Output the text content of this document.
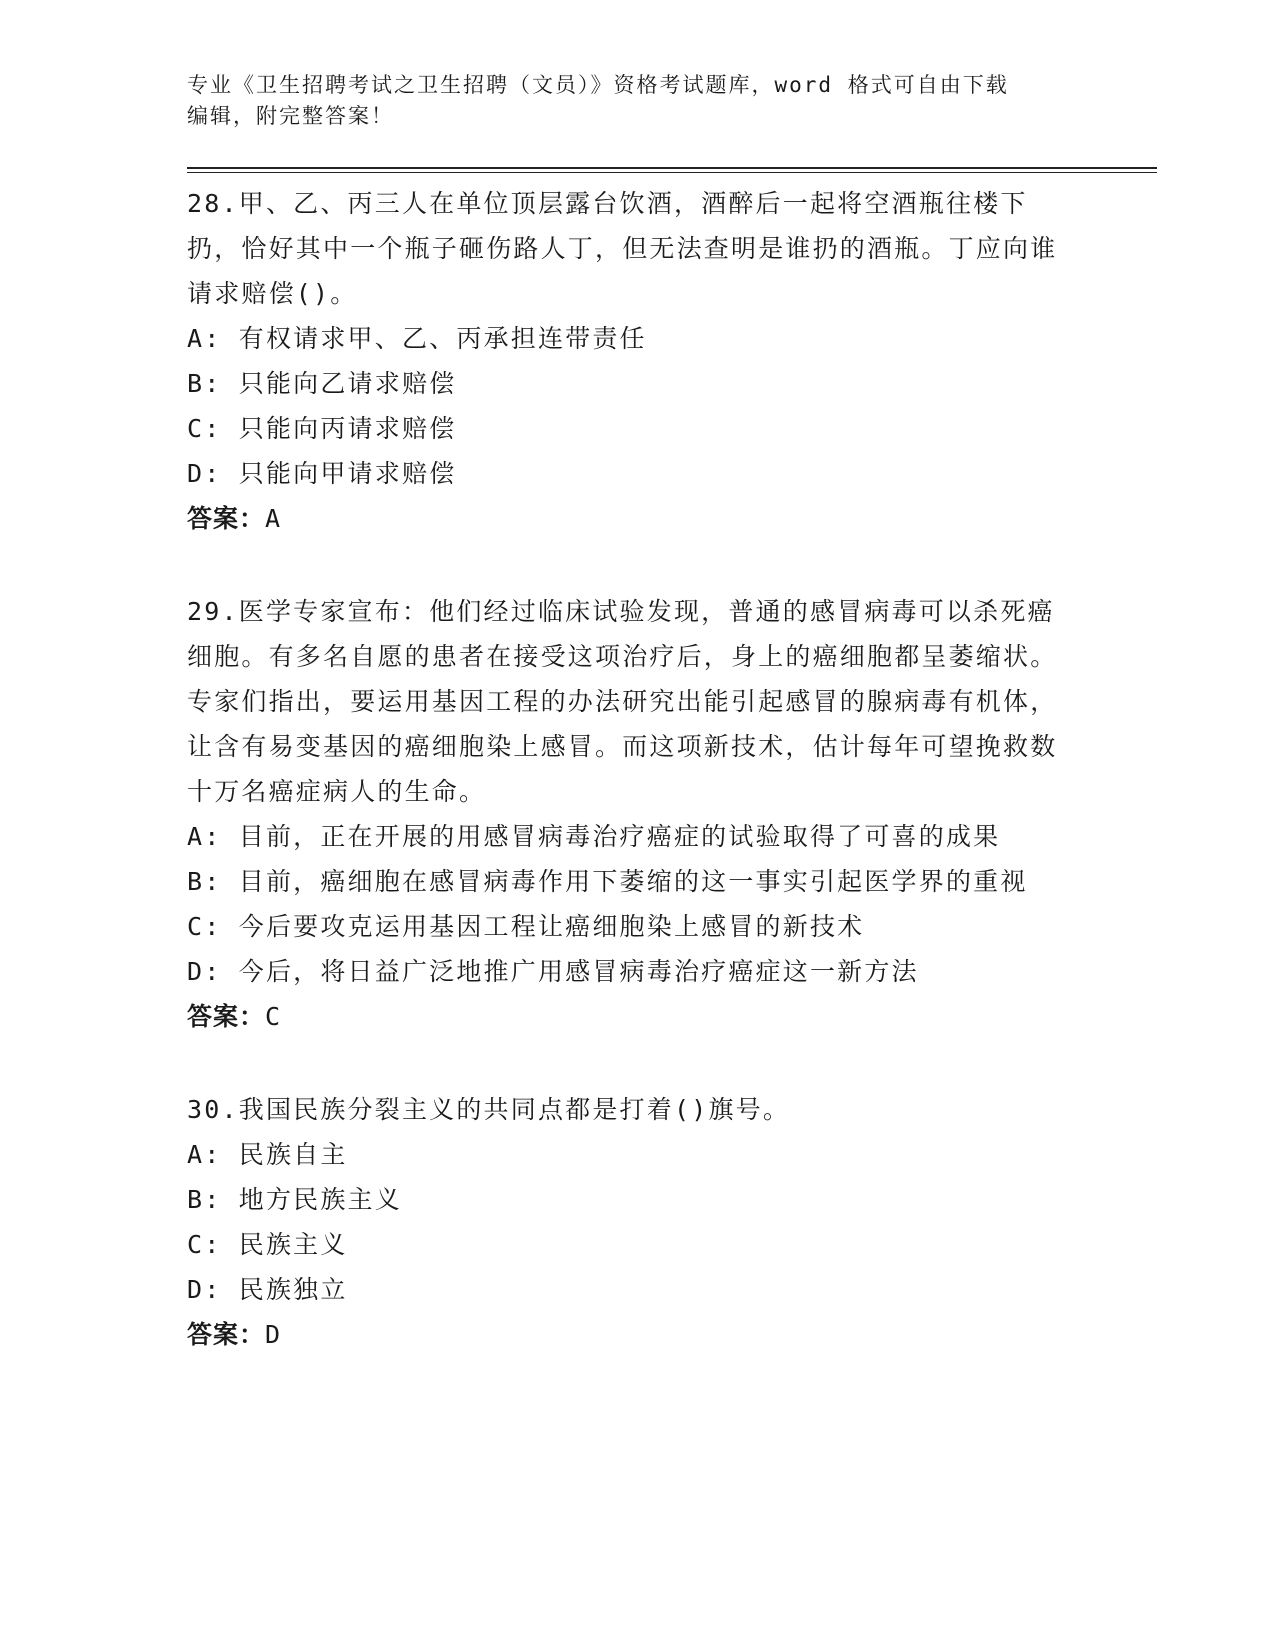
专业《卫生招聘考试之卫生招聘（文员）》资格考试题库，word 格式可自由下载
编辑，附完整答案！
28.甲、乙、丙三人在单位顶层露台饮酒，酒醉后一起将空酒瓶往楼下扔，恰好其中一个瓶子砸伤路人丁，但无法查明是谁扔的酒瓶。丁应向谁请求赔偿()。
A: 有权请求甲、乙、丙承担连带责任
B: 只能向乙请求赔偿
C: 只能向丙请求赔偿
D: 只能向甲请求赔偿
答案：A
29.医学专家宣布：他们经过临床试验发现，普通的感冒病毒可以杀死癌细胞。有多名自愿的患者在接受这项治疗后，身上的癌细胞都呈萎缩状。专家们指出，要运用基因工程的办法研究出能引起感冒的腺病毒有机体，让含有易变基因的癌细胞染上感冒。而这项新技术，估计每年可望挽救数十万名癌症病人的生命。
A: 目前，正在开展的用感冒病毒治疗癌症的试验取得了可喜的成果
B: 目前，癌细胞在感冒病毒作用下萎缩的这一事实引起医学界的重视
C: 今后要攻克运用基因工程让癌细胞染上感冒的新技术
D: 今后，将日益广泛地推广用感冒病毒治疗癌症这一新方法
答案：C
30.我国民族分裂主义的共同点都是打着()旗号。
A: 民族自主
B: 地方民族主义
C: 民族主义
D: 民族独立
答案：D
